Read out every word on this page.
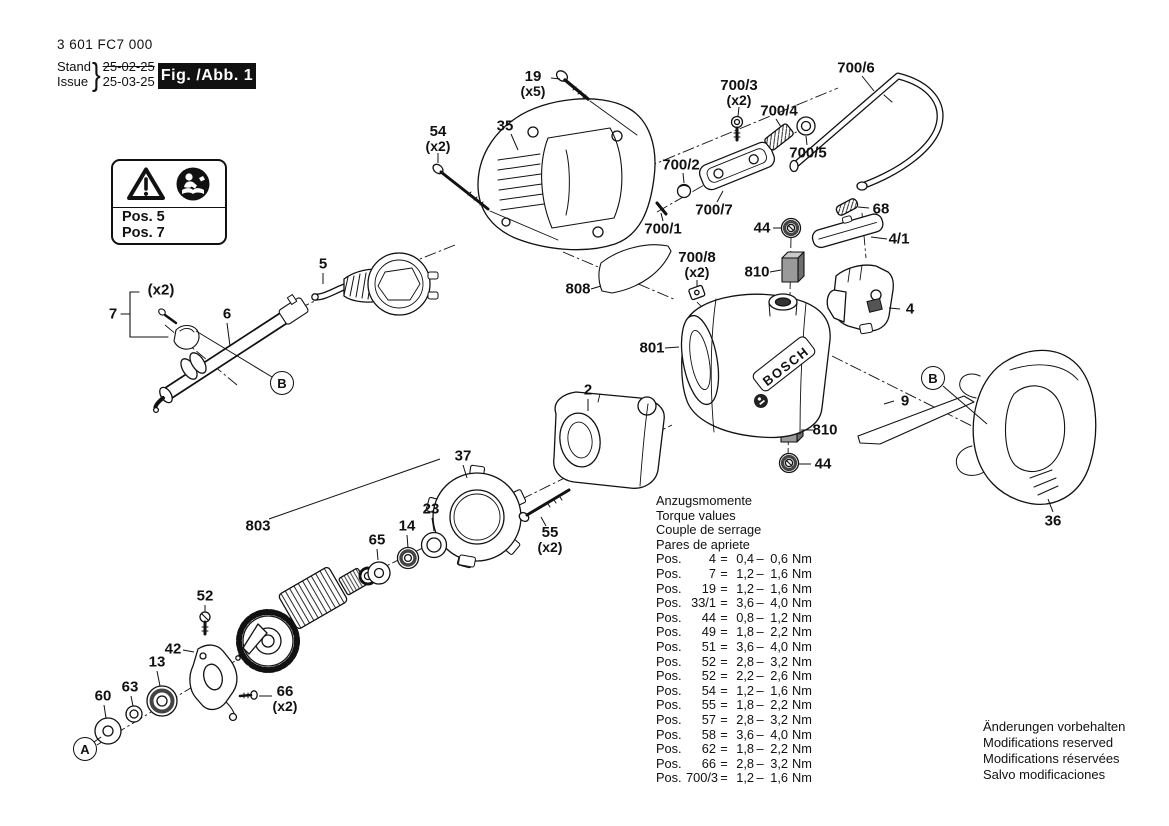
BOSCH
3 601 FC7 000
Stand
Issue } 25-02-25
25-03-25 Fig. /Abb. 1
Pos. 5
Pos. 7
Anzugsmomente
Torque values
Couple de serrage
Pares de apriete
Pos. 4 = 0,4 – 0,6 Nm
Pos. 7 = 1,2 – 1,6 Nm
Pos. 19 = 1,2 – 1,6 Nm
Pos. 33/1 = 3,6 – 4,0 Nm
Pos. 44 = 0,8 – 1,2 Nm
Pos. 49 = 1,8 – 2,2 Nm
Pos. 51 = 3,6 – 4,0 Nm
Pos. 52 = 2,8 – 3,2 Nm
Pos. 52 = 2,2 – 2,6 Nm
Pos. 54 = 1,2 – 1,6 Nm
Pos. 55 = 1,8 – 2,2 Nm
Pos. 57 = 2,8 – 3,2 Nm
Pos. 58 = 3,6 – 4,0 Nm
Pos. 62 = 1,8 – 2,2 Nm
Pos. 66 = 2,8 – 3,2 Nm
Pos. 700/3 = 1,2 – 1,6 Nm
Änderungen vorbehalten
Modifications reserved
Modifications réservées
Salvo modificaciones
19
(x5)
35
54
(x2)
700/3
(x2)
700/4
700/5
700/6
700/2
700/7
700/1
68
44
4/1
700/8
(x2)	810
808
801
4
9
810
44
36
5
6
7
(x2)
B	2
37
23
55
(x2)
803
65
14
52
42
13
63
60	66
(x2)
A
B
